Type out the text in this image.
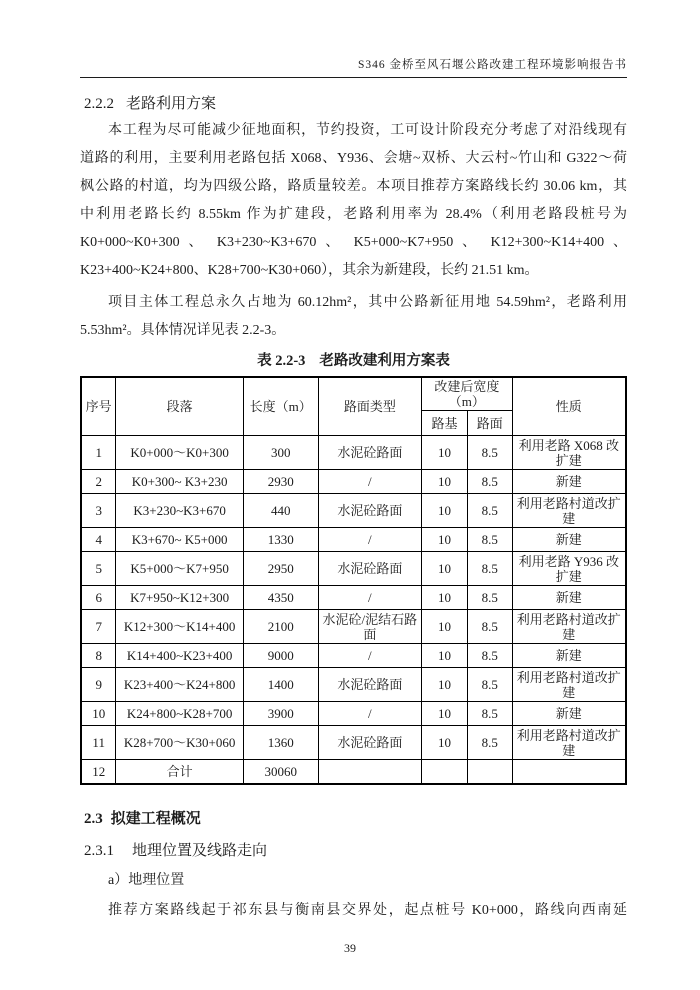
S346 金桥至风石堰公路改建工程环境影响报告书
2.2.2 老路利用方案
本工程为尽可能减少征地面积，节约投资，工可设计阶段充分考虑了对沿线现有
道路的利用，主要利用老路包括 X068、Y936、会塘~双桥、大云村~竹山和 G322～荷
枫公路的村道，均为四级公路，路质量较差。本项目推荐方案路线长约 30.06 km，其
中利用老路长约 8.55km 作为扩建段，老路利用率为 28.4%（利用老路段桩号为
K0+000~K0+300 、 K3+230~K3+670 、 K5+000~K7+950 、 K12+300~K14+400 、
K23+400~K24+800、K28+700~K30+060），其余为新建段，长约 21.51 km。
项目主体工程总永久占地为 60.12hm²，其中公路新征用地 54.59hm²，老路利用
5.53hm²。具体情况详见表 2.2-3。
表 2.2-3 老路改建利用方案表
序号	段落	长度（m）	路面类型	改建后宽度（m）		性质
				路基	路面	
1	K0+000～K0+300	300	水泥砼路面	10	8.5	利用老路 X068 改扩建
2	K0+300~ K3+230	2930	/	10	8.5	新建
3	K3+230~K3+670	440	水泥砼路面	10	8.5	利用老路村道改扩建
4	K3+670~ K5+000	1330	/	10	8.5	新建
5	K5+000～K7+950	2950	水泥砼路面	10	8.5	利用老路 Y936 改扩建
6	K7+950~K12+300	4350	/	10	8.5	新建
7	K12+300～K14+400	2100	水泥砼/泥结石路面	10	8.5	利用老路村道改扩建
8	K14+400~K23+400	9000	/	10	8.5	新建
9	K23+400～K24+800	1400	水泥砼路面	10	8.5	利用老路村道改扩建
10	K24+800~K28+700	3900	/	10	8.5	新建
11	K28+700～K30+060	1360	水泥砼路面	10	8.5	利用老路村道改扩建
12	合计	30060				
2.3 拟建工程概况
2.3.1 地理位置及线路走向
a）地理位置
推荐方案路线起于祁东县与衡南县交界处，起点桩号 K0+000，路线向西南延
39
